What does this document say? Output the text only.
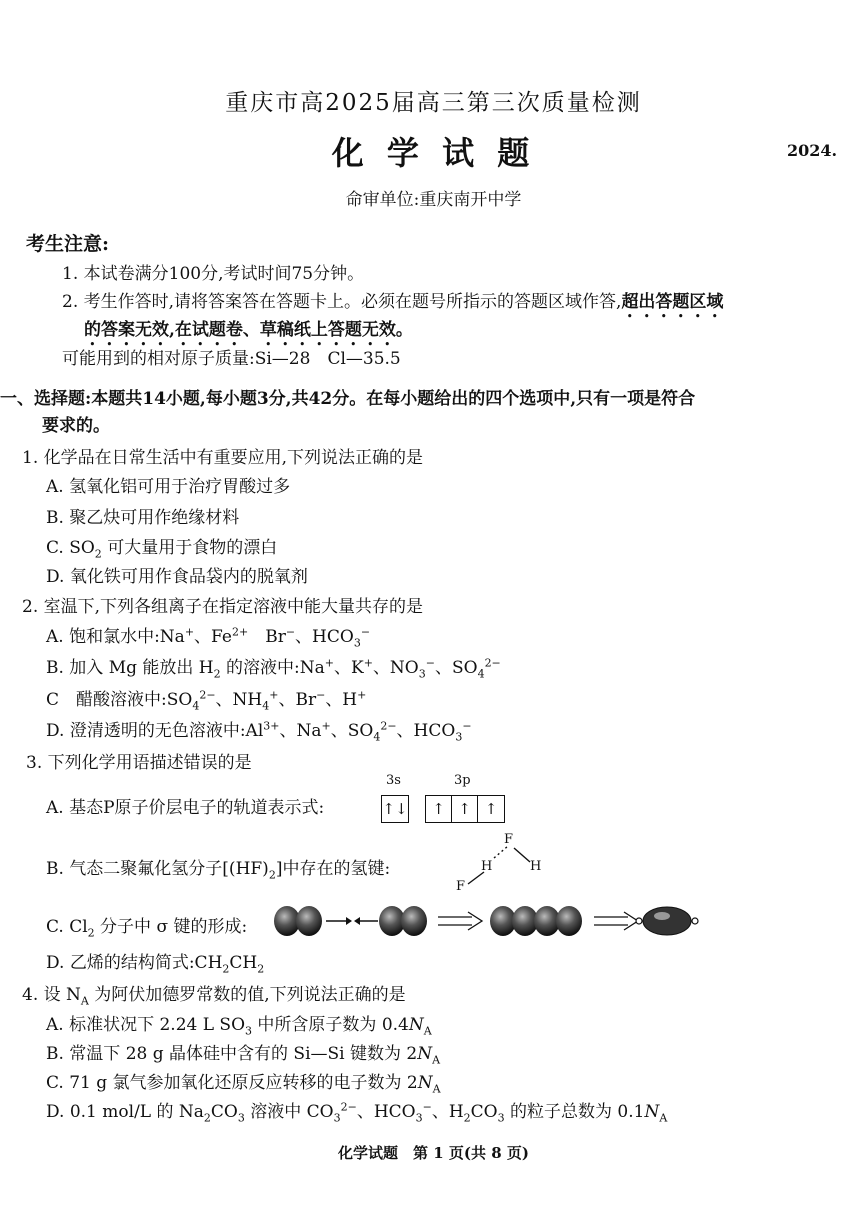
重庆市高2025届高三第三次质量检测
化 学 试 题	2024.
命审单位:重庆南开中学
考生注意:
1. 本试卷满分100分,考试时间75分钟。
2. 考生作答时,请将答案答在答题卡上。必须在题号所指示的答题区域作答,超出答题区域
的答案无效,在试题卷、草稿纸上答题无效。
可能用到的相对原子质量:Si—28　Cl—35.5
一、选择题:本题共14小题,每小题3分,共42分。在每小题给出的四个选项中,只有一项是符合
要求的。
1. 化学品在日常生活中有重要应用,下列说法正确的是
A. 氢氧化铝可用于治疗胃酸过多
B. 聚乙炔可用作绝缘材料
C. $SO_2$ 可大量用于食物的漂白
D. 氧化铁可用作食品袋内的脱氧剂
2. 室温下,下列各组离子在指定溶液中能大量共存的是
A. 饱和氯水中:Na+、$Fe^{2+}$　Br−、$HCO_3^-$
B. 加入 Mg 能放出 $H_2$ 的溶液中:Na+、K+、$NO_3^-$、$SO_4^{2-}$
C　醋酸溶液中$:SO_4^{2-}$、$NH_4^+$、Br−、H+
D. 澄清透明的无色溶液中$:Al^{3+}$、Na+、$SO_4^{2-}$、$HCO_3^-$
3. 下列化学用语描述错误的是
A. 基态P原子价层电子的轨道表示式:
3s	3p
↑↓	↑ ↑ ↑
B. 气态二聚氟化氢分子$[(HF)_2]$中存在的氢键:
F
H	H
F
C. $Cl_2$ 分子中 σ 键的形成:
D. 乙烯的结构简式$:CH_2CH_2$
4. 设 $N_A$ 为阿伏加德罗常数的值,下列说法正确的是
A. 标准状况下 2.24 L $SO_3$ 中所含原子数为 $0.4N_A$
B. 常温下 28 g 晶体硅中含有的 Si—Si 键数为 $2N_A$
C. 71 g 氯气参加氧化还原反应转移的电子数为 $2N_A$
D. 0.1 mol/L 的 $Na_2CO_3$ 溶液中 $CO_3^{2-}$、$HCO_3^-$、$H_2CO_3$ 的粒子总数为 $0.1N_A$
化学试题　第 1 页(共 8 页)
